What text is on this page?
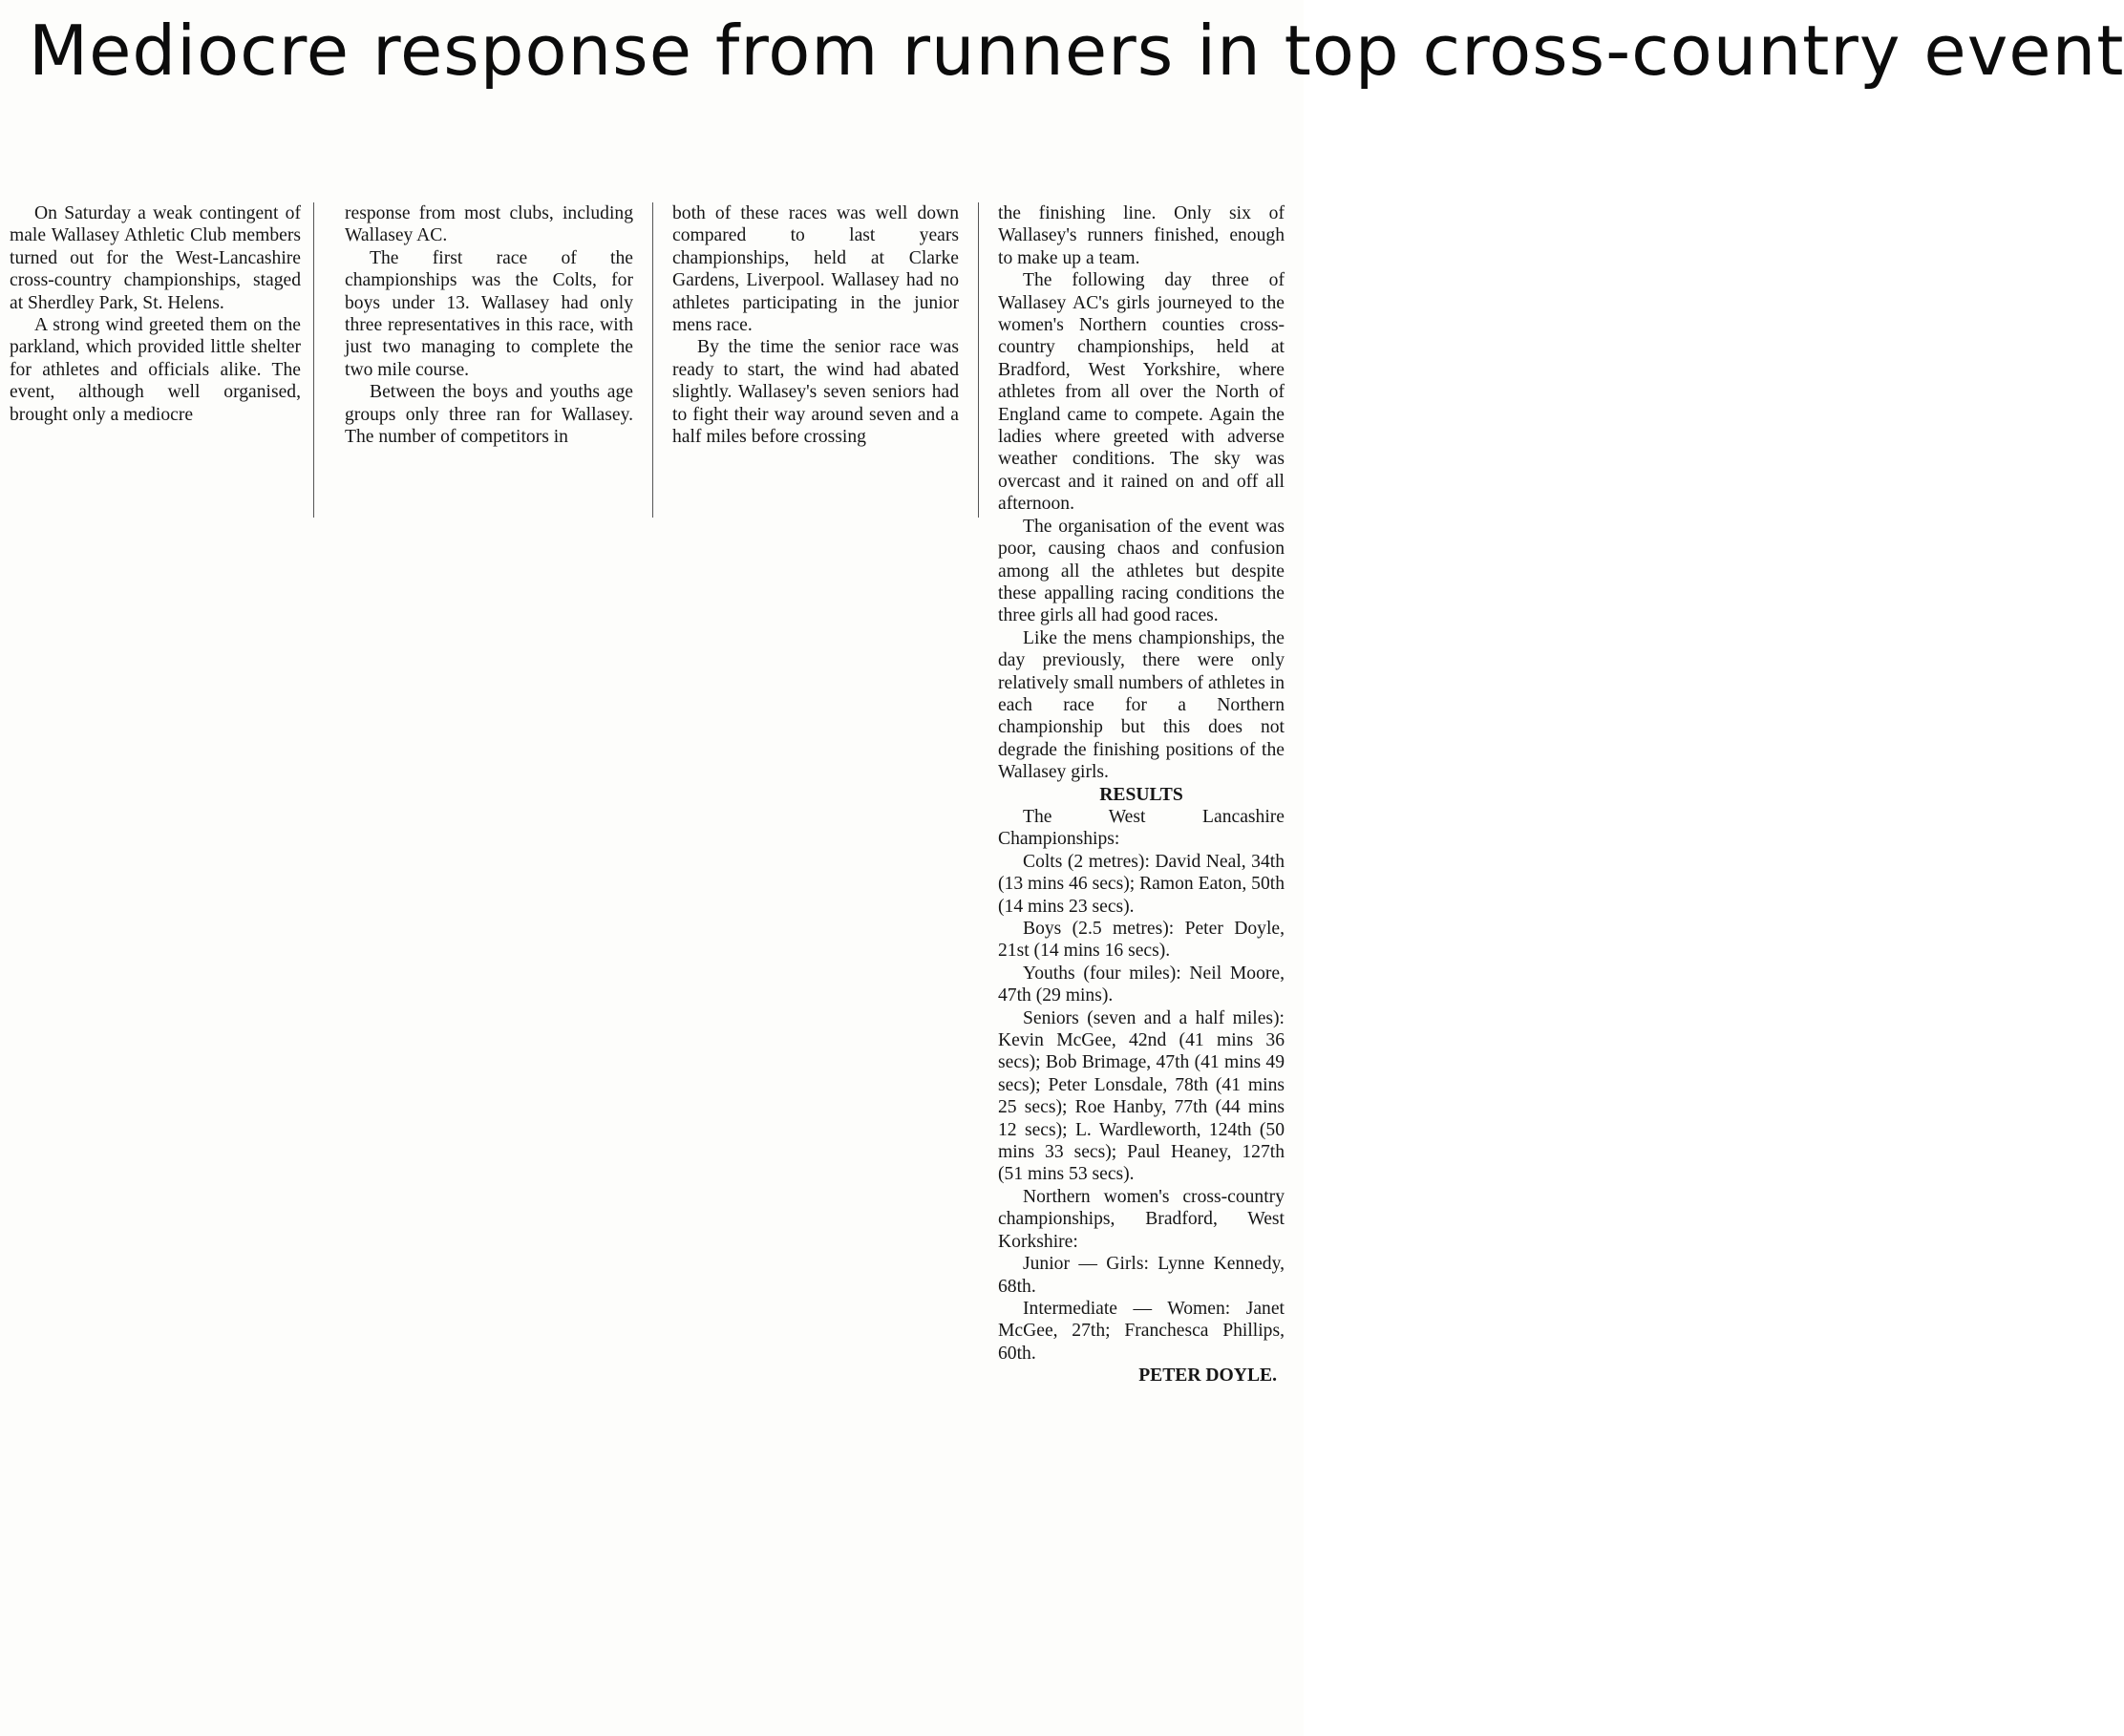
Mediocre response from runners in top cross-country event

On Saturday a weak contingent of male Wallasey Athletic Club members turned out for the West-Lancashire cross-country championships, staged at Sherdley Park, St. Helens.

A strong wind greeted them on the parkland, which provided little shelter for athletes and officials alike. The event, although well organised, brought only a mediocre

response from most clubs, including Wallasey AC.

The first race of the championships was the Colts, for boys under 13. Wallasey had only three representatives in this race, with just two managing to complete the two mile course.

Between the boys and youths age groups only three ran for Wallasey. The number of competitors in

both of these races was well down compared to last years championships, held at Clarke Gardens, Liverpool. Wallasey had no athletes participating in the junior mens race.

By the time the senior race was ready to start, the wind had abated slightly. Wallasey's seven seniors had to fight their way around seven and a half miles before crossing

the finishing line. Only six of Wallasey's runners finished, enough to make up a team.

The following day three of Wallasey AC's girls journeyed to the women's Northern counties cross-country championships, held at Bradford, West Yorkshire, where athletes from all over the North of England came to compete. Again the ladies where greeted with adverse weather conditions. The sky was overcast and it rained on and off all afternoon.

The organisation of the event was poor, causing chaos and confusion among all the athletes but despite these appalling racing conditions the three girls all had good races.

Like the mens championships, the day previously, there were only relatively small numbers of athletes in each race for a Northern championship but this does not degrade the finishing positions of the Wallasey girls.

RESULTS

The West Lancashire Championships:

Colts (2 metres): David Neal, 34th (13 mins 46 secs); Ramon Eaton, 50th (14 mins 23 secs).

Boys (2.5 metres): Peter Doyle, 21st (14 mins 16 secs).

Youths (four miles): Neil Moore, 47th (29 mins).

Seniors (seven and a half miles): Kevin McGee, 42nd (41 mins 36 secs); Bob Brimage, 47th (41 mins 49 secs); Peter Lonsdale, 78th (41 mins 25 secs); Roe Hanby, 77th (44 mins 12 secs); L. Wardleworth, 124th (50 mins 33 secs); Paul Heaney, 127th (51 mins 53 secs).

Northern women's cross-country championships, Bradford, West Korkshire:

Junior — Girls: Lynne Kennedy, 68th.

Intermediate — Women: Janet McGee, 27th; Franchesca Phillips, 60th.

PETER DOYLE.
